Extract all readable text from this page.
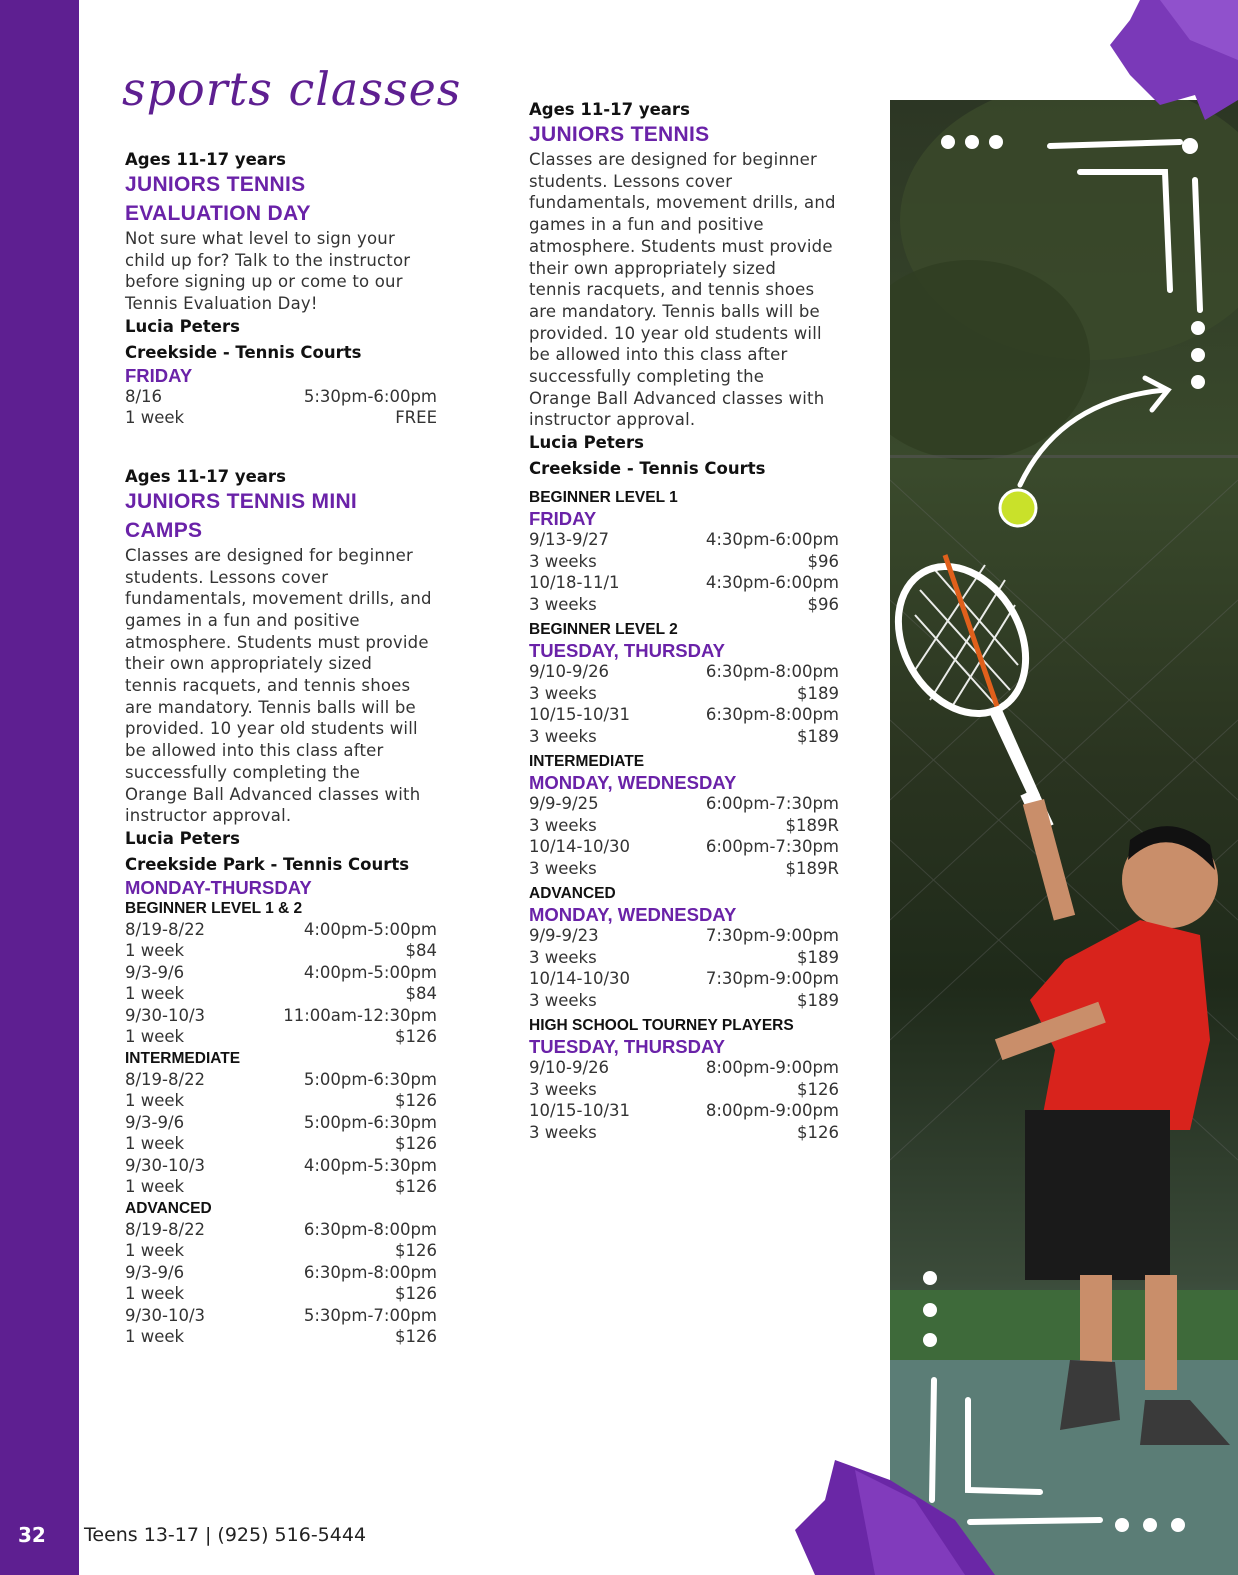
32 Teens 13-17 | (925) 516-5444
sports classes
Ages 11-17 years
JUNIORS TENNIS
EVALUATION DAY
Not sure what level to sign your
child up for? Talk to the instructor
before signing up or come to our
Tennis Evaluation Day!
Lucia Peters
Creekside - Tennis Courts
FRIDAY
8/16	5:30pm-6:00pm
1 week	FREE
Ages 11-17 years
JUNIORS TENNIS MINI
CAMPS
Classes are designed for beginner
students. Lessons cover
fundamentals, movement drills, and
games in a fun and positive
atmosphere. Students must provide
their own appropriately sized
tennis racquets, and tennis shoes
are mandatory. Tennis balls will be
provided. 10 year old students will
be allowed into this class after
successfully completing the
Orange Ball Advanced classes with
instructor approval.
Lucia Peters
Creekside Park - Tennis Courts
MONDAY-THURSDAY
BEGINNER LEVEL 1 & 2
8/19-8/22	4:00pm-5:00pm
1 week	$84
9/3-9/6	4:00pm-5:00pm
1 week	$84
9/30-10/3	11:00am-12:30pm
1 week	$126
INTERMEDIATE
8/19-8/22	5:00pm-6:30pm
1 week	$126
9/3-9/6	5:00pm-6:30pm
1 week	$126
9/30-10/3	4:00pm-5:30pm
1 week	$126
ADVANCED
8/19-8/22	6:30pm-8:00pm
1 week	$126
9/3-9/6	6:30pm-8:00pm
1 week	$126
9/30-10/3	5:30pm-7:00pm
1 week	$126
Ages 11-17 years
JUNIORS TENNIS
Classes are designed for beginner
students. Lessons cover
fundamentals, movement drills, and
games in a fun and positive
atmosphere. Students must provide
their own appropriately sized
tennis racquets, and tennis shoes
are mandatory. Tennis balls will be
provided. 10 year old students will
be allowed into this class after
successfully completing the
Orange Ball Advanced classes with
instructor approval.
Lucia Peters
Creekside - Tennis Courts
BEGINNER LEVEL 1
FRIDAY
9/13-9/27	4:30pm-6:00pm
3 weeks	$96
10/18-11/1	4:30pm-6:00pm
3 weeks	$96
BEGINNER LEVEL 2
TUESDAY, THURSDAY
9/10-9/26	6:30pm-8:00pm
3 weeks	$189
10/15-10/31	6:30pm-8:00pm
3 weeks	$189
INTERMEDIATE
MONDAY, WEDNESDAY
9/9-9/25	6:00pm-7:30pm
3 weeks	$189R
10/14-10/30	6:00pm-7:30pm
3 weeks	$189R
ADVANCED
MONDAY, WEDNESDAY
9/9-9/23	7:30pm-9:00pm
3 weeks	$189
10/14-10/30	7:30pm-9:00pm
3 weeks	$189
HIGH SCHOOL TOURNEY PLAYERS
TUESDAY, THURSDAY
9/10-9/26	8:00pm-9:00pm
3 weeks	$126
10/15-10/31	8:00pm-9:00pm
3 weeks	$126
